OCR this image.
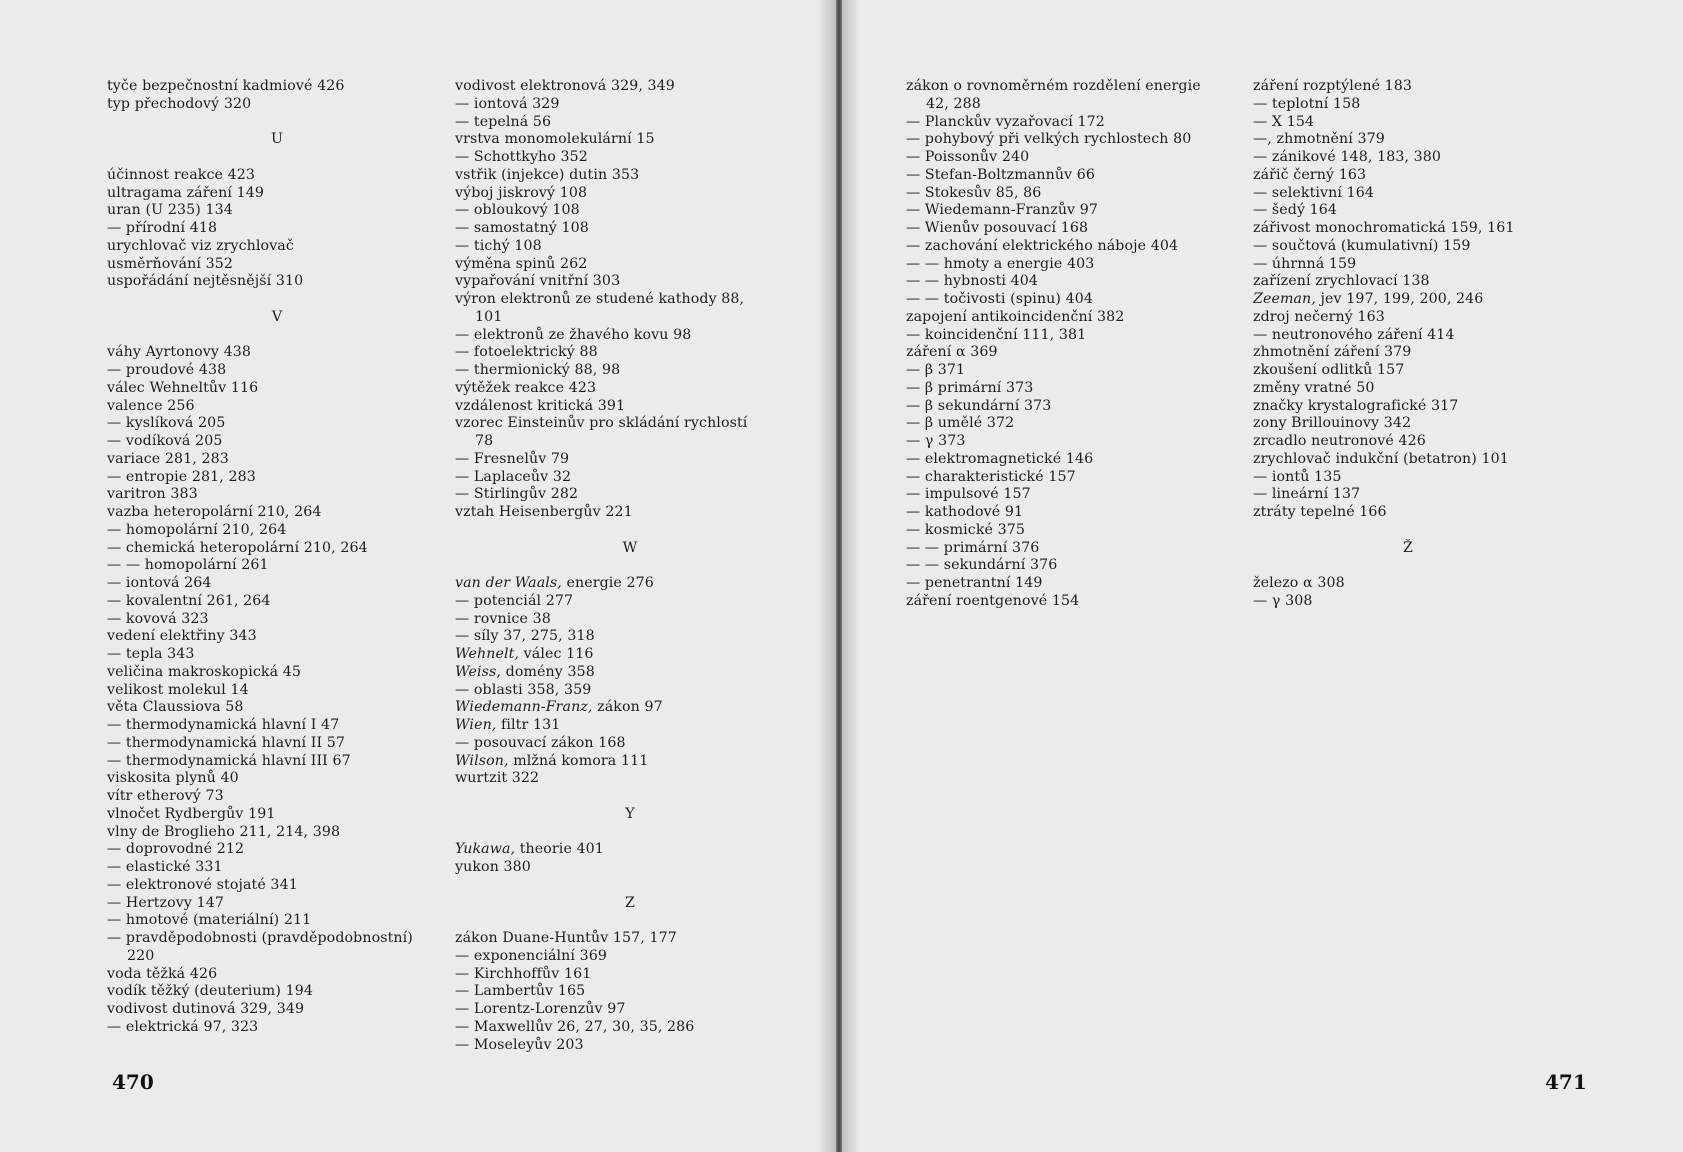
tyče bezpečnostní kadmiové 426
typ přechodový 320
U
účinnost reakce 423
ultragama záření 149
uran (U 235) 134
— přírodní 418
urychlovač viz zrychlovač
usměrňování 352
uspořádání nejtěsnější 310
V
váhy Ayrtonovy 438
— proudové 438
válec Wehneltův 116
valence 256
— kyslíková 205
— vodíková 205
variace 281, 283
— entropie 281, 283
varitron 383
vazba heteropolární 210, 264
— homopolární 210, 264
— chemická heteropolární 210, 264
— — homopolární 261
— iontová 264
— kovalentní 261, 264
— kovová 323
vedení elektřiny 343
— tepla 343
veličina makroskopická 45
velikost molekul 14
věta Claussiova 58
— thermodynamická hlavní I 47
— thermodynamická hlavní II 57
— thermodynamická hlavní III 67
viskosita plynů 40
vítr etherový 73
vlnočet Rydbergův 191
vlny de Broglieho 211, 214, 398
— doprovodné 212
— elastické 331
— elektronové stojaté 341
— Hertzovy 147
— hmotové (materiální) 211
— pravděpodobnosti (pravděpodobnostní)
220
voda těžká 426
vodík těžký (deuterium) 194
vodivost dutinová 329, 349
— elektrická 97, 323
vodivost elektronová 329, 349
— iontová 329
— tepelná 56
vrstva monomolekulární 15
— Schottkyho 352
vstřik (injekce) dutin 353
výboj jiskrový 108
— obloukový 108
— samostatný 108
— tichý 108
výměna spinů 262
vypařování vnitřní 303
výron elektronů ze studené kathody 88,
101
— elektronů ze žhavého kovu 98
— fotoelektrický 88
— thermionický 88, 98
výtěžek reakce 423
vzdálenost kritická 391
vzorec Einsteinův pro skládání rychlostí
78
— Fresnelův 79
— Laplaceův 32
— Stirlingův 282
vztah Heisenbergův 221
W
van der Waals, energie 276
— potenciál 277
— rovnice 38
— síly 37, 275, 318
Wehnelt, válec 116
Weiss, domény 358
— oblasti 358, 359
Wiedemann-Franz, zákon 97
Wien, filtr 131
— posouvací zákon 168
Wilson, mlžná komora 111
wurtzit 322
Y
Yukawa, theorie 401
yukon 380
Z
zákon Duane-Huntův 157, 177
— exponenciální 369
— Kirchhoffův 161
— Lambertův 165
— Lorentz-Lorenzův 97
— Maxwellův 26, 27, 30, 35, 286
— Moseleyův 203
470
zákon o rovnoměrném rozdělení energie
42, 288
— Planckův vyzařovací 172
— pohybový při velkých rychlostech 80
— Poissonův 240
— Stefan-Boltzmannův 66
— Stokesův 85, 86
— Wiedemann-Franzův 97
— Wienův posouvací 168
— zachování elektrického náboje 404
— — hmoty a energie 403
— — hybnosti 404
— — točivosti (spinu) 404
zapojení antikoincidenční 382
— koincidenční 111, 381
záření α 369
— β 371
— β primární 373
— β sekundární 373
— β umělé 372
— γ 373
— elektromagnetické 146
— charakteristické 157
— impulsové 157
— kathodové 91
— kosmické 375
— — primární 376
— — sekundární 376
— penetrantní 149
záření roentgenové 154
záření rozptýlené 183
— teplotní 158
— X 154
—, zhmotnění 379
— zánikové 148, 183, 380
zářič černý 163
— selektivní 164
— šedý 164
zářivost monochromatická 159, 161
— součtová (kumulativní) 159
— úhrnná 159
zařízení zrychlovací 138
Zeeman, jev 197, 199, 200, 246
zdroj nečerný 163
— neutronového záření 414
zhmotnění záření 379
zkoušení odlitků 157
změny vratné 50
značky krystalografické 317
zony Brillouinovy 342
zrcadlo neutronové 426
zrychlovač indukční (betatron) 101
— iontů 135
— lineární 137
ztráty tepelné 166
Ž
železo α 308
— γ 308
471
